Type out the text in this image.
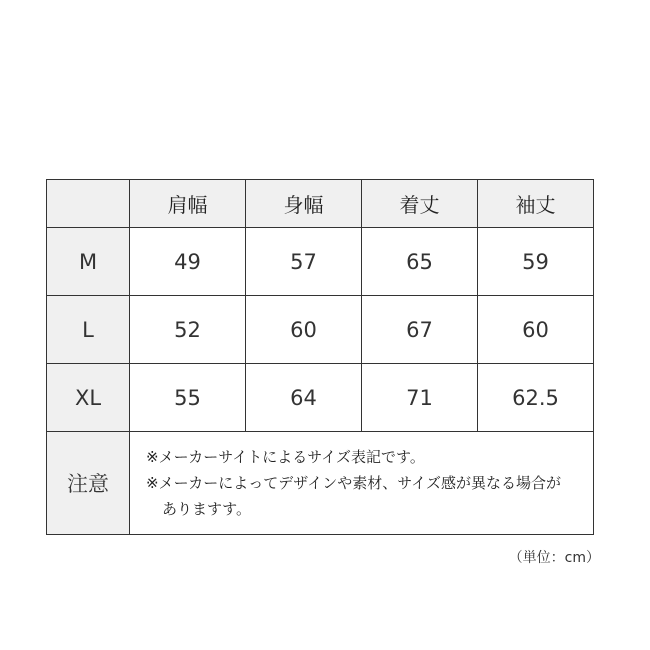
	肩幅	身幅	着丈	袖丈
M	49	57	65	59
L	52	60	67	60
XL	55	64	71	62.5
注意	※メーカーサイトによるサイズ表記です。
※メーカーによってデザインや素材、サイズ感が異なる場合が
ありますす。			
（単位：cm）
